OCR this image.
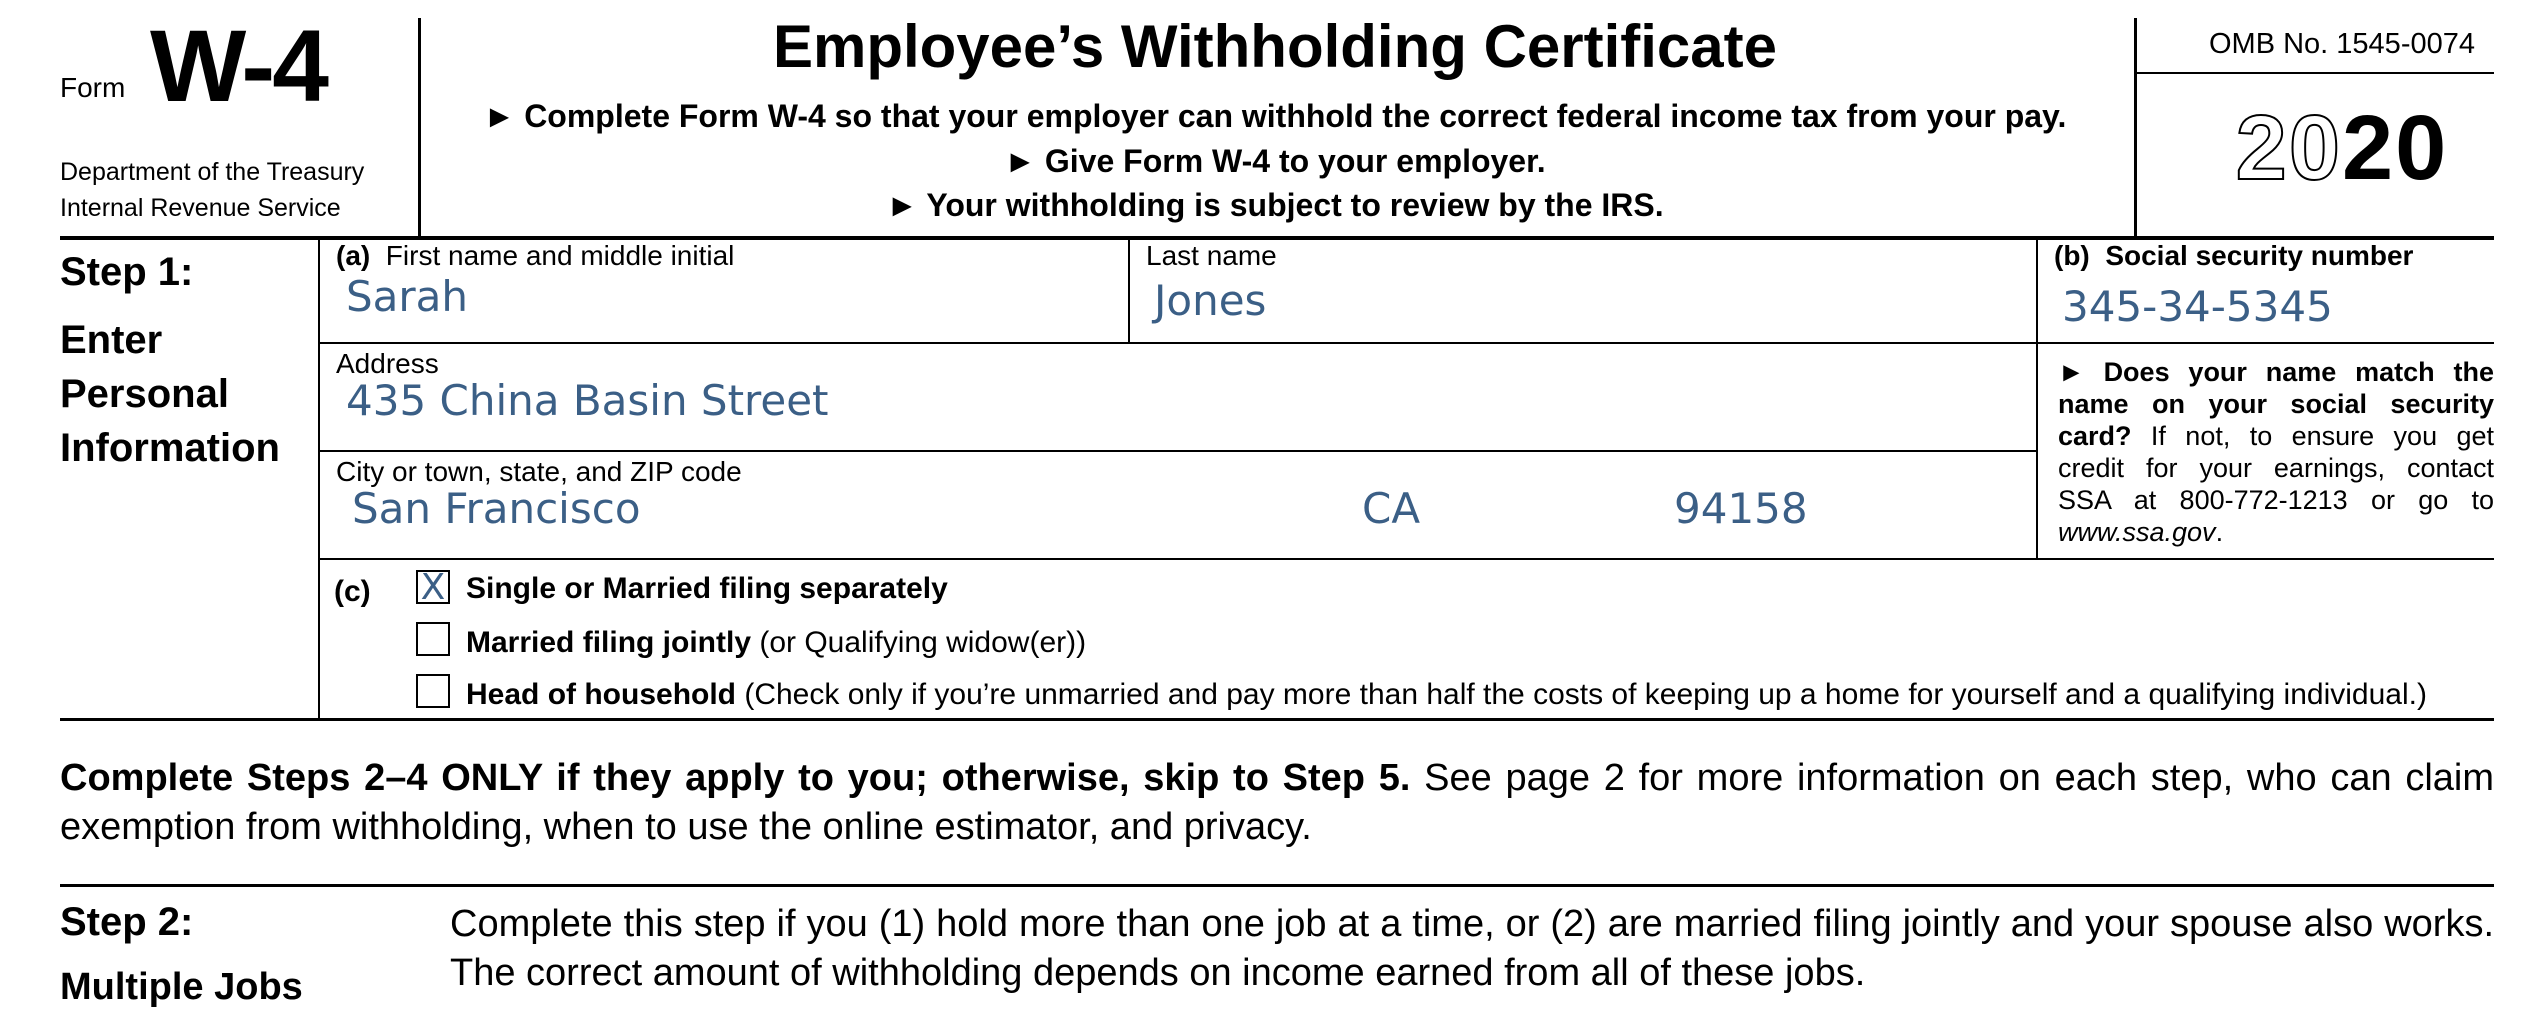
Form W-4
Department of the Treasury
Internal Revenue Service
Employee’s Withholding Certificate
► Complete Form W-4 so that your employer can withhold the correct federal income tax from your pay.
► Give Form W-4 to your employer.
► Your withholding is subject to review by the IRS.
OMB No. 1545-0074
2020
Step 1:
Enter
Personal
Information
(a) First name and middle initial
Sarah
Last name
Jones
(b) Social security number
345-34-5345
Address
435 China Basin Street
City or town, state, and ZIP code
San Francisco	CA	94158
► Does your name match the name on your social security card? If not, to ensure you get credit for your earnings, contact SSA at 800-772-1213 or go to www.ssa.gov.
(c) X Single or Married filing separately
Married filing jointly (or Qualifying widow(er))
Head of household (Check only if you’re unmarried and pay more than half the costs of keeping up a home for yourself and a qualifying individual.)
Complete Steps 2–4 ONLY if they apply to you; otherwise, skip to Step 5. See page 2 for more information on each step, who can claim exemption from withholding, when to use the online estimator, and privacy.
Step 2:
Multiple Jobs
Complete this step if you (1) hold more than one job at a time, or (2) are married filing jointly and your spouse also works. The correct amount of withholding depends on income earned from all of these jobs.
